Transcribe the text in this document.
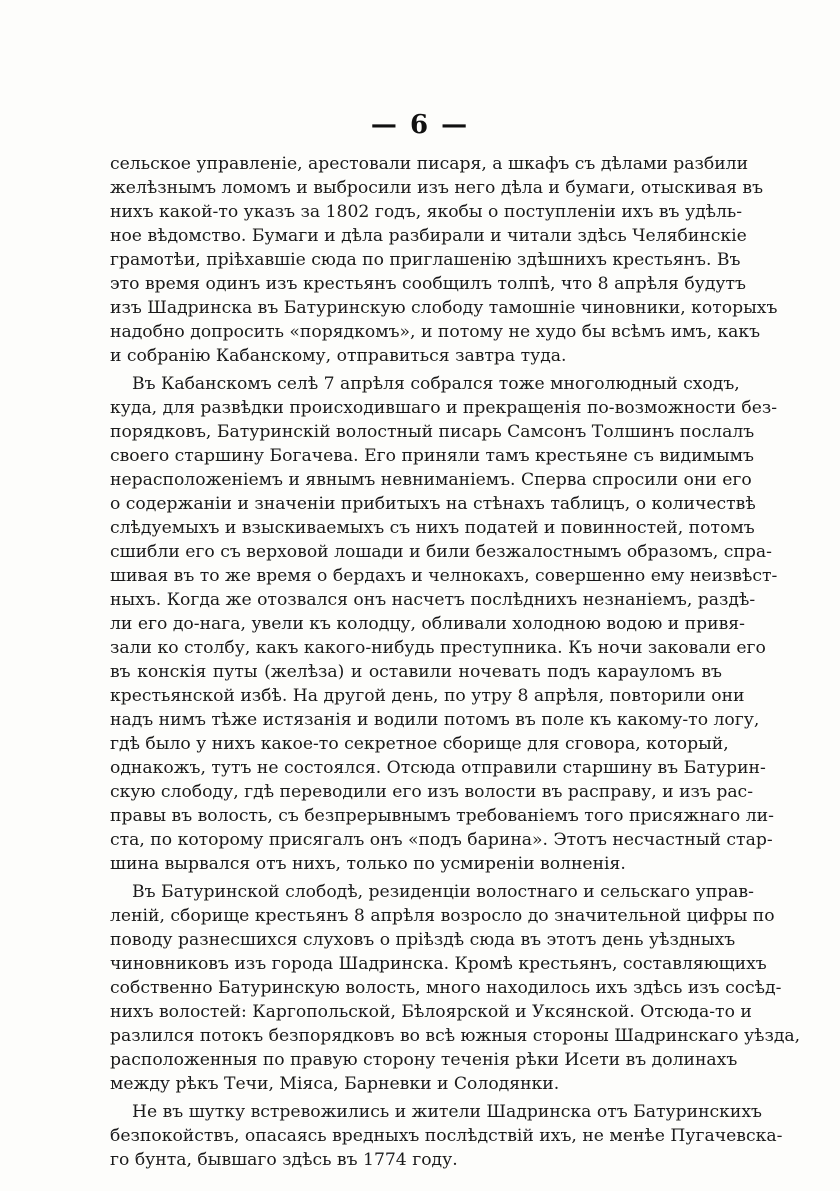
— 6 —
сельское управленіе, арестовали писаря, а шкафъ съ дѣлами разбили
желѣзнымъ ломомъ и выбросили изъ него дѣла и бумаги, отыскивая въ
нихъ какой-то указъ за 1802 годъ, якобы о поступленіи ихъ въ удѣль-
ное вѣдомство. Бумаги и дѣла разбирали и читали здѣсь Челябинскіе
грамотѣи, пріѣхавшіе сюда по приглашенію здѣшнихъ крестьянъ. Въ
это время одинъ изъ крестьянъ сообщилъ толпѣ, что 8 апрѣля будутъ
изъ Шадринска въ Батуринскую слободу тамошніе чиновники, которыхъ
надобно допросить «порядкомъ», и потому не худо бы всѣмъ имъ, какъ
и собранію Кабанскому, отправиться завтра туда.
Въ Кабанскомъ селѣ 7 апрѣля собрался тоже многолюдный сходъ,
куда, для развѣдки происходившаго и прекращенія по-возможности без-
порядковъ, Батуринскій волостный писарь Самсонъ Толшинъ послалъ
своего старшину Богачева. Его приняли тамъ крестьяне съ видимымъ
нерасположеніемъ и явнымъ невниманіемъ. Сперва спросили они его
о содержаніи и значеніи прибитыхъ на стѣнахъ таблицъ, о количествѣ
слѣдуемыхъ и взыскиваемыхъ съ нихъ податей и повинностей, потомъ
сшибли его съ верховой лошади и били безжалостнымъ образомъ, спра-
шивая въ то же время о бердахъ и челнокахъ, совершенно ему неизвѣст-
ныхъ. Когда же отозвался онъ насчетъ послѣднихъ незнаніемъ, раздѣ-
ли его до-нага, увели къ колодцу, обливали холодною водою и привя-
зали ко столбу, какъ какого-нибудь преступника. Къ ночи заковали его
въ конскія путы (желѣза) и оставили ночевать подъ карауломъ въ
крестьянской избѣ. На другой день, по утру 8 апрѣля, повторили они
надъ нимъ тѣже истязанія и водили потомъ въ поле къ какому-то логу,
гдѣ было у нихъ какое-то секретное сборище для сговора, который,
однакожъ, тутъ не состоялся. Отсюда отправили старшину въ Батурин-
скую слободу, гдѣ переводили его изъ волости въ расправу, и изъ рас-
правы въ волость, съ безпрерывнымъ требованіемъ того присяжнаго ли-
ста, по которому присягалъ онъ «подъ барина». Этотъ несчастный стар-
шина вырвался отъ нихъ, только по усмиреніи волненія.
Въ Батуринской слободѣ, резиденціи волостнаго и сельскаго управ-
леній, сборище крестьянъ 8 апрѣля возросло до значительной цифры по
поводу разнесшихся слуховъ о пріѣздѣ сюда въ этотъ день уѣздныхъ
чиновниковъ изъ города Шадринска. Кромѣ крестьянъ, составляющихъ
собственно Батуринскую волость, много находилось ихъ здѣсь изъ сосѣд-
нихъ волостей: Каргопольской, Бѣлоярской и Уксянской. Отсюда-то и
разлился потокъ безпорядковъ во всѣ южныя стороны Шадринскаго уѣзда,
расположенныя по правую сторону теченія рѣки Исети въ долинахъ
между рѣкъ Течи, Міяса, Барневки и Солодянки.
Не въ шутку встревожились и жители Шадринска отъ Батуринскихъ
безпокойствъ, опасаясь вредныхъ послѣдствій ихъ, не менѣе Пугачевска-
го бунта, бывшаго здѣсь въ 1774 году.
